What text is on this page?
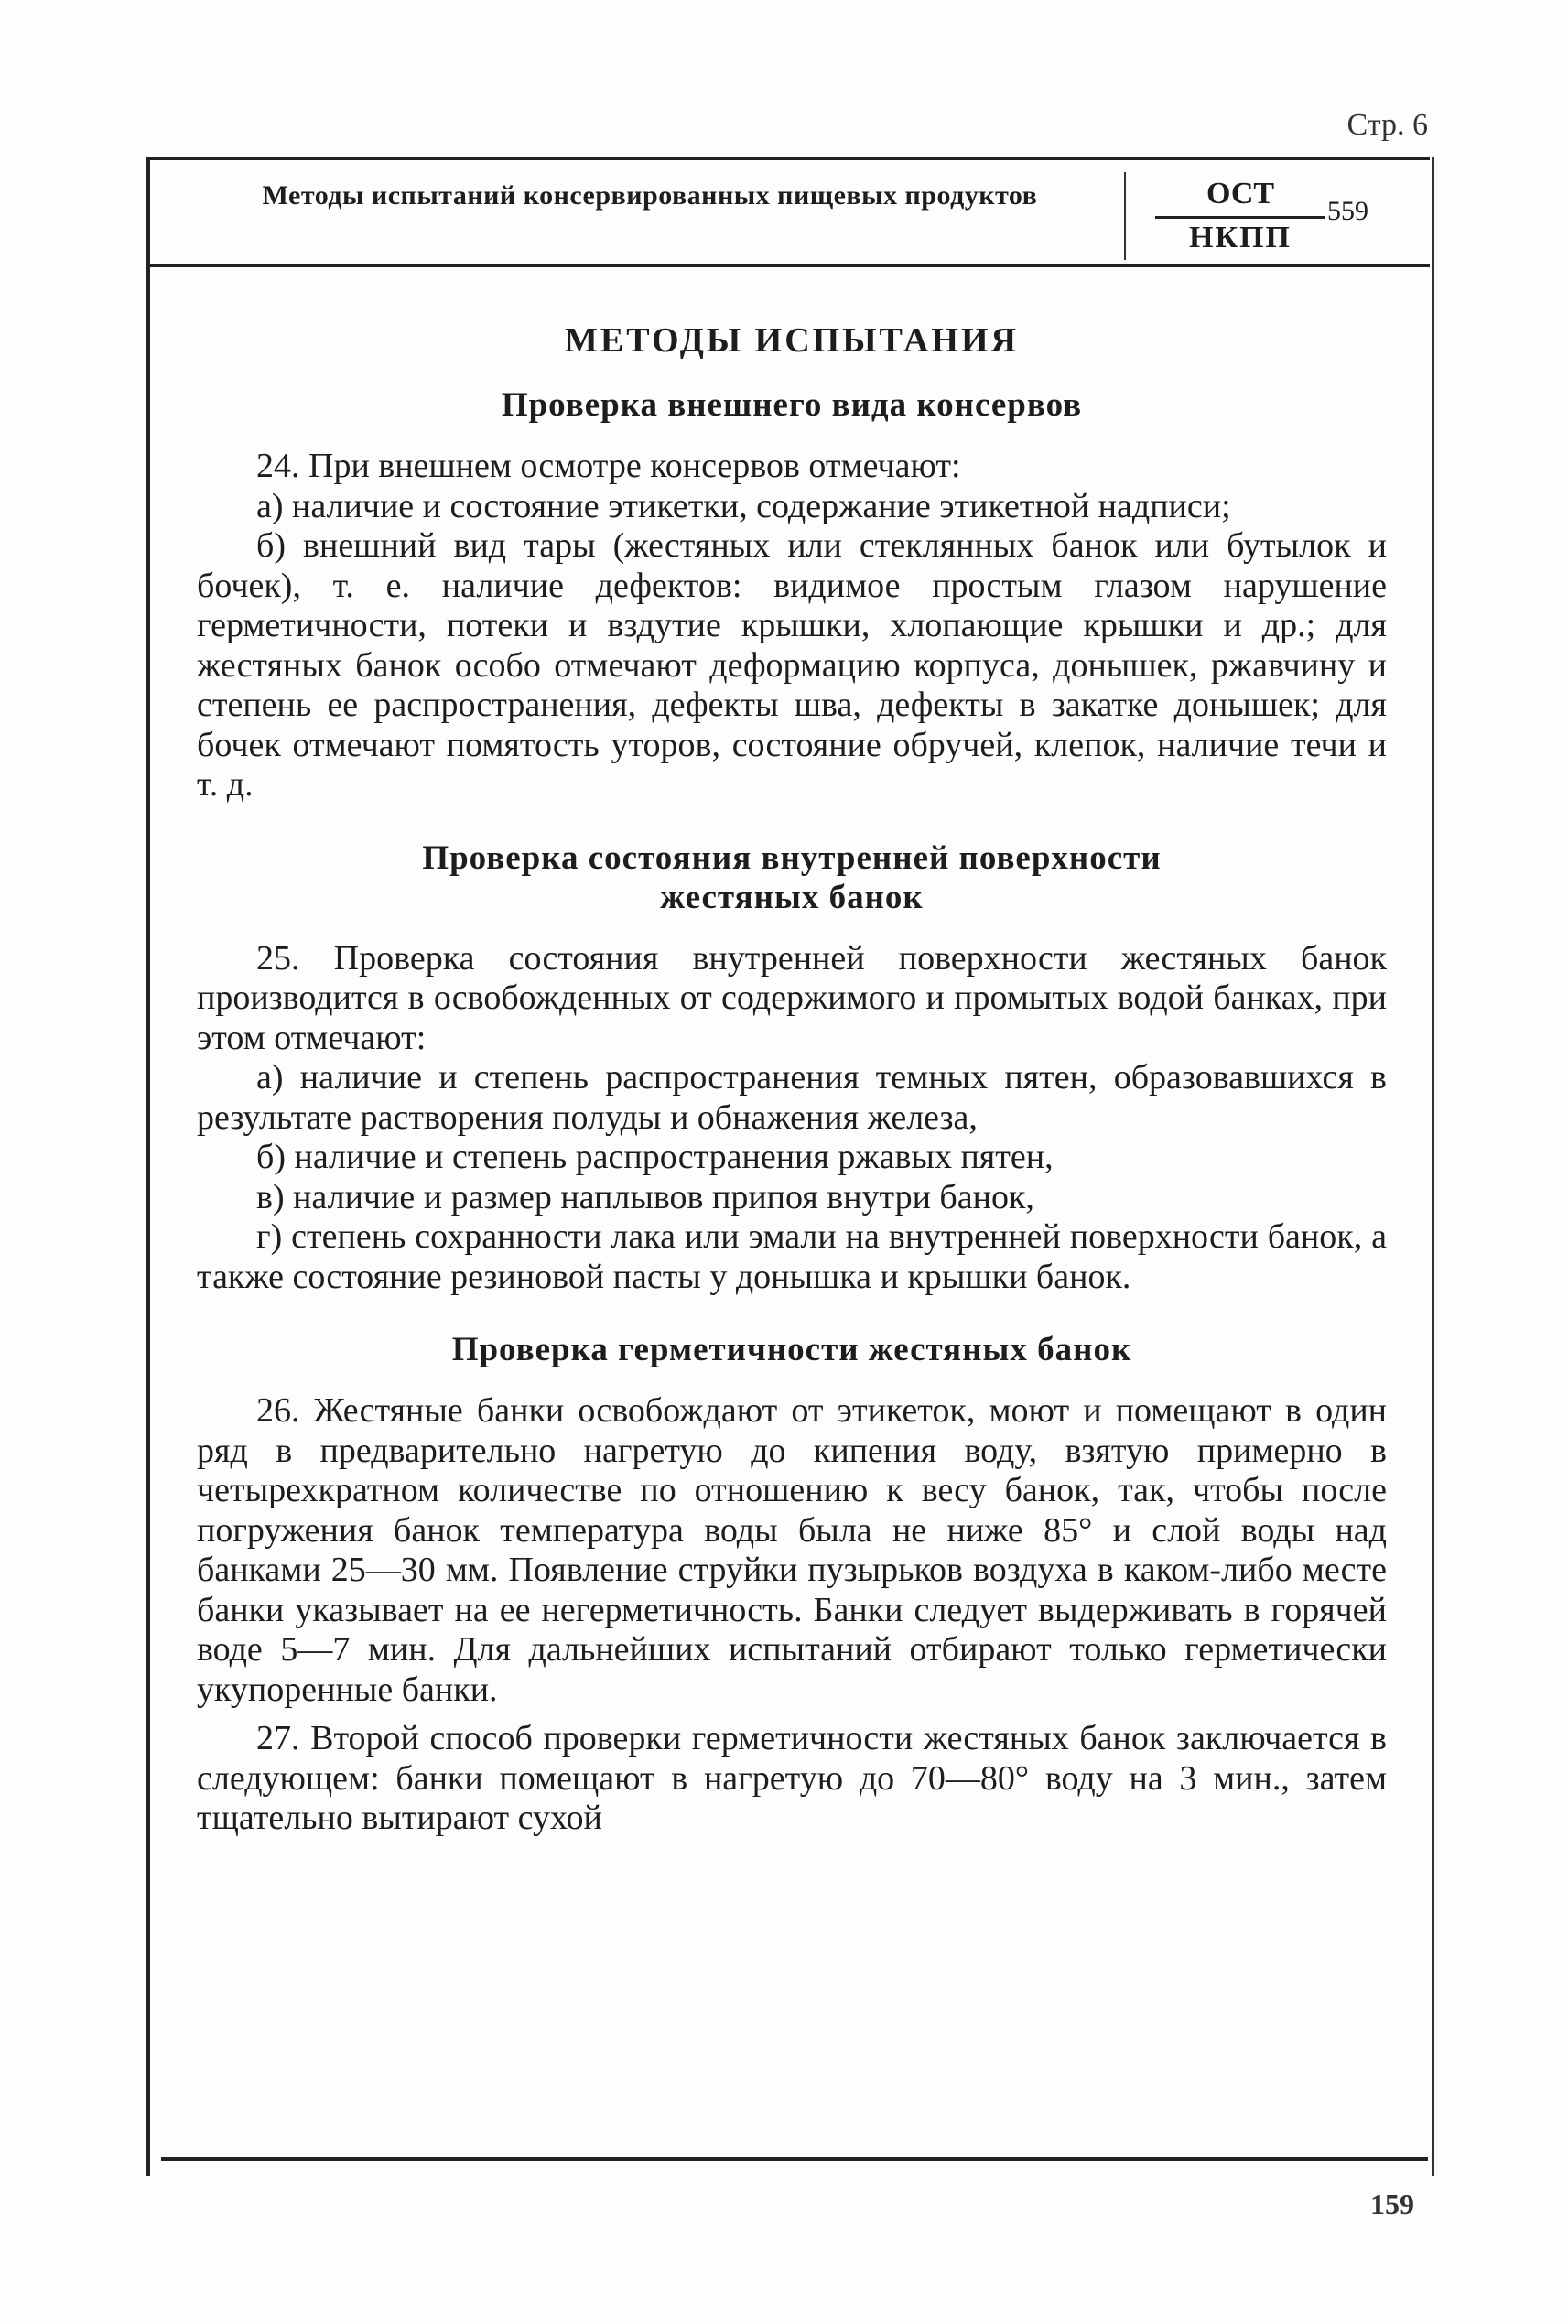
Стр. 6
Методы испытаний консервированных пищевых продуктов	ОСТ
НКПП
559
МЕТОДЫ ИСПЫТАНИЯ
Проверка внешнего вида консервов

24. При внешнем осмотре консервов отмечают:

а) наличие и состояние этикетки, содержание этикетной надписи;

б) внешний вид тары (жестяных или стеклянных банок или бутылок и бочек), т. е. наличие дефектов: видимое простым глазом нарушение герметичности, потеки и вздутие крышки, хлопающие крышки и др.; для жестяных банок особо отмечают деформацию корпуса, донышек, ржавчину и степень ее распространения, дефекты шва, дефекты в закатке донышек; для бочек отмечают помятость уторов, состояние обручей, клепок, наличие течи и т. д.

Проверка состояния внутренней поверхности жестяных банок

25. Проверка состояния внутренней поверхности жестяных банок производится в освобожденных от содержимого и промытых водой банках, при этом отмечают:

а) наличие и степень распространения темных пятен, образовавшихся в результате растворения полуды и обнажения железа,

б) наличие и степень распространения ржавых пятен,

в) наличие и размер наплывов припоя внутри банок,

г) степень сохранности лака или эмали на внутренней поверхности банок, а также состояние резиновой пасты у донышка и крышки банок.

Проверка герметичности жестяных банок

26. Жестяные банки освобождают от этикеток, моют и помещают в один ряд в предварительно нагретую до кипения воду, взятую примерно в четырехкратном количестве по отношению к весу банок, так, чтобы после погружения банок температура воды была не ниже 85° и слой воды над банками 25—30 мм. Появление струйки пузырьков воздуха в каком-либо месте банки указывает на ее негерметичность. Банки следует выдерживать в горячей воде 5—7 мин. Для дальнейших испытаний отбирают только герметически укупоренные банки.

27. Второй способ проверки герметичности жестяных банок заключается в следующем: банки помещают в нагретую до 70—80° воду на 3 мин., затем тщательно вытирают сухой

159
